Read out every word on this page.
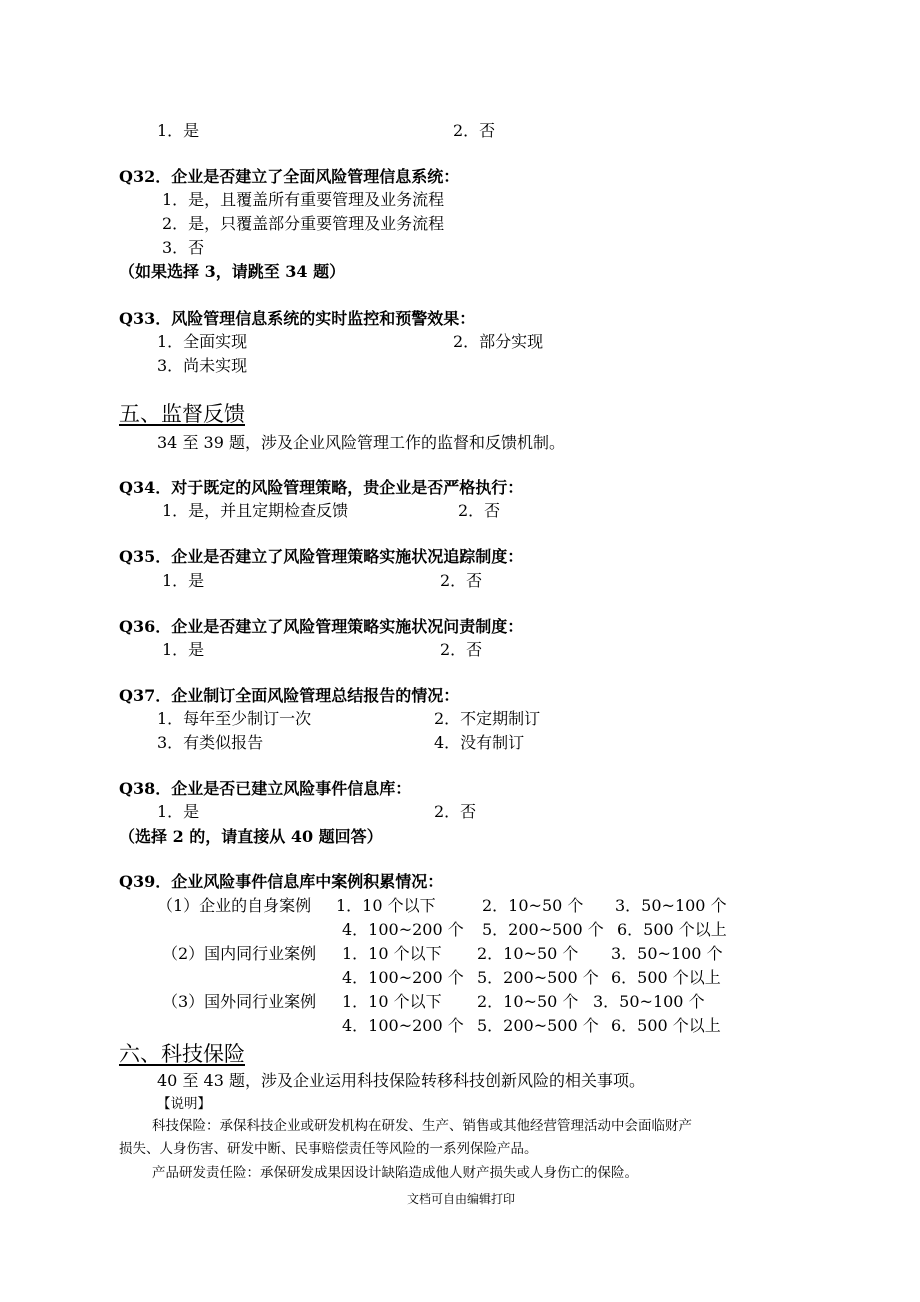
1．是	2．否
Q32．企业是否建立了全面风险管理信息系统：
1．是，且覆盖所有重要管理及业务流程
2．是，只覆盖部分重要管理及业务流程
3．否
（如果选择 3，请跳至 34 题）
Q33．风险管理信息系统的实时监控和预警效果：
1．全面实现	2．部分实现
3．尚未实现
五、监督反馈
34 至 39 题，涉及企业风险管理工作的监督和反馈机制。
Q34．对于既定的风险管理策略，贵企业是否严格执行：
1．是，并且定期检查反馈	2．否
Q35．企业是否建立了风险管理策略实施状况追踪制度：
1．是	2．否
Q36．企业是否建立了风险管理策略实施状况问责制度：
1．是	2．否
Q37．企业制订全面风险管理总结报告的情况：
1．每年至少制订一次	2．不定期制订
3．有类似报告	4．没有制订
Q38．企业是否已建立风险事件信息库：
1．是	2．否
（选择 2 的，请直接从 40 题回答）
Q39．企业风险事件信息库中案例积累情况：
（1）企业的自身案例 1．10 个以下	2．10~50 个 3．50~100 个
4．100~200 个 5．200~500 个 6．500 个以上
（2）国内同行业案例 1．10 个以下 2．10~50 个 3．50~100 个
4．100~200 个 5．200~500 个 6．500 个以上
（3）国外同行业案例 1．10 个以下 2．10~50 个 3．50~100 个
4．100~200 个 5．200~500 个 6．500 个以上
六、科技保险
40 至 43 题，涉及企业运用科技保险转移科技创新风险的相关事项。
【说明】
科技保险：承保科技企业或研发机构在研发、生产、销售或其他经营管理活动中会面临财产
损失、人身伤害、研发中断、民事赔偿责任等风险的一系列保险产品。
产品研发责任险：承保研发成果因设计缺陷造成他人财产损失或人身伤亡的保险。
文档可自由编辑打印
